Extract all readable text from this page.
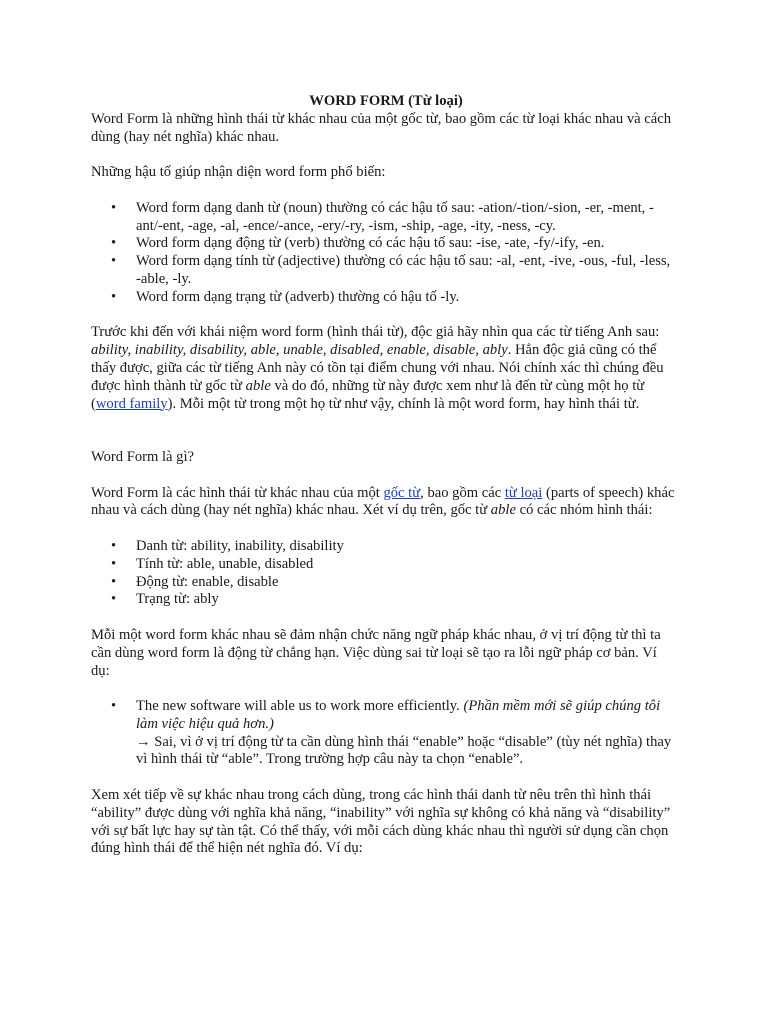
WORD FORM (Từ loại)

Word Form là những hình thái từ khác nhau của một gốc từ, bao gồm các từ loại khác nhau và cách dùng (hay nét nghĩa) khác nhau.

Những hậu tố giúp nhận diện word form phổ biến:

• Word form dạng danh từ (noun) thường có các hậu tố sau: -ation/-tion/-sion, -er, -ment, -ant/-ent, -age, -al, -ence/-ance, -ery/-ry, -ism, -ship, -age, -ity, -ness, -cy.
• Word form dạng động từ (verb) thường có các hậu tố sau: -ise, -ate, -fy/-ify, -en.
• Word form dạng tính từ (adjective) thường có các hậu tố sau: -al, -ent, -ive, -ous, -ful, -less, -able, -ly.
• Word form dạng trạng từ (adverb) thường có hậu tố -ly.

Trước khi đến với khái niệm word form (hình thái từ), độc giả hãy nhìn qua các từ tiếng Anh sau: ability, inability, disability, able, unable, disabled, enable, disable, ably. Hẳn độc giả cũng có thể thấy được, giữa các từ tiếng Anh này có tồn tại điểm chung với nhau. Nói chính xác thì chúng đều được hình thành từ gốc từ able và do đó, những từ này được xem như là đến từ cùng một họ từ (word family). Mỗi một từ trong một họ từ như vậy, chính là một word form, hay hình thái từ.

Word Form là gì?

Word Form là các hình thái từ khác nhau của một gốc từ, bao gồm các từ loại (parts of speech) khác nhau và cách dùng (hay nét nghĩa) khác nhau. Xét ví dụ trên, gốc từ able có các nhóm hình thái:

• Danh từ: ability, inability, disability
• Tính từ: able, unable, disabled
• Động từ: enable, disable
• Trạng từ: ably

Mỗi một word form khác nhau sẽ đảm nhận chức năng ngữ pháp khác nhau, ở vị trí động từ thì ta cần dùng word form là động từ chẳng hạn. Việc dùng sai từ loại sẽ tạo ra lỗi ngữ pháp cơ bản. Ví dụ:

• The new software will able us to work more efficiently. (Phần mềm mới sẽ giúp chúng tôi làm việc hiệu quả hơn.)
→ Sai, vì ở vị trí động từ ta cần dùng hình thái “enable” hoặc “disable” (tùy nét nghĩa) thay vì hình thái từ “able”. Trong trường hợp câu này ta chọn “enable”.

Xem xét tiếp về sự khác nhau trong cách dùng, trong các hình thái danh từ nêu trên thì hình thái “ability” được dùng với nghĩa khả năng, “inability” với nghĩa sự không có khả năng và “disability” với sự bất lực hay sự tàn tật. Có thể thấy, với mỗi cách dùng khác nhau thì người sử dụng cần chọn đúng hình thái để thể hiện nét nghĩa đó. Ví dụ:
